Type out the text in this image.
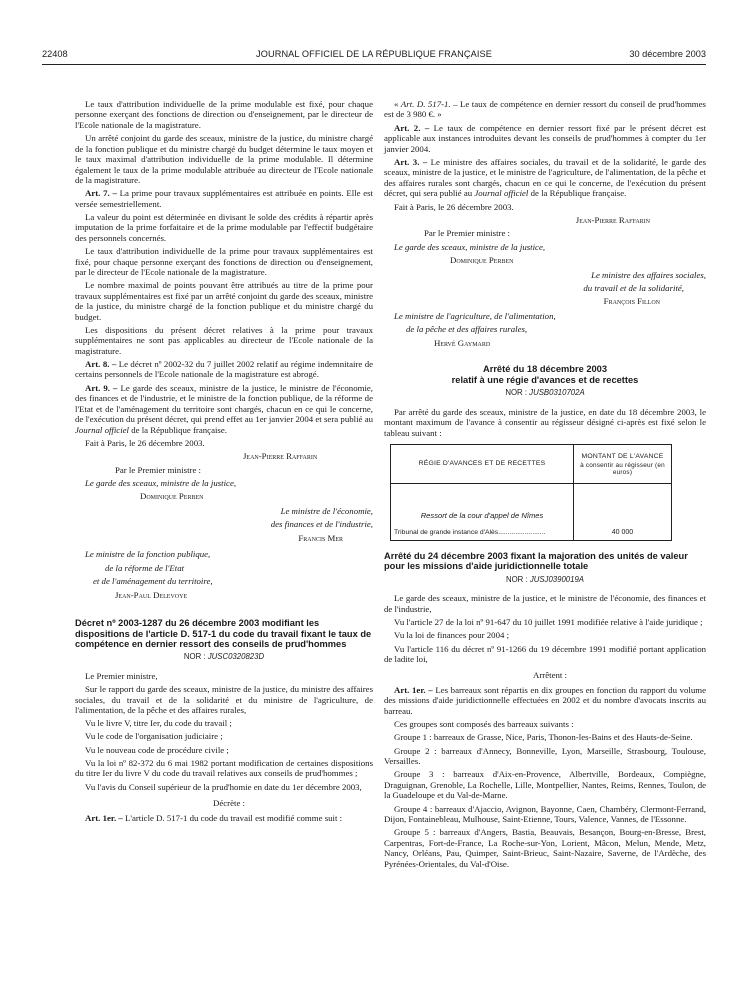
22408	JOURNAL OFFICIEL DE LA RÉPUBLIQUE FRANÇAISE	30 décembre 2003

Le taux d'attribution individuelle de la prime modulable est fixé, pour chaque personne exerçant des fonctions de direction ou d'enseignement, par le directeur de l'Ecole nationale de la magistrature.

Un arrêté conjoint du garde des sceaux, ministre de la justice, du ministre chargé de la fonction publique et du ministre chargé du budget détermine le taux moyen et le taux maximal d'attribution individuelle de la prime modulable. Il détermine également le taux de la prime modulable attribuée au directeur de l'Ecole nationale de la magistrature.

Art. 7. – La prime pour travaux supplémentaires est attribuée en points. Elle est versée semestriellement.

La valeur du point est déterminée en divisant le solde des crédits à répartir après imputation de la prime forfaitaire et de la prime modulable par l'effectif budgétaire des personnels concernés.

Le taux d'attribution individuelle de la prime pour travaux supplémentaires est fixé, pour chaque personne exerçant des fonctions de direction ou d'enseignement, par le directeur de l'Ecole nationale de la magistrature.

Le nombre maximal de points pouvant être attribués au titre de la prime pour travaux supplémentaires est fixé par un arrêté conjoint du garde des sceaux, ministre de la justice, du ministre chargé de la fonction publique et du ministre chargé du budget.

Les dispositions du présent décret relatives à la prime pour travaux supplémentaires ne sont pas applicables au directeur de l'Ecole nationale de la magistrature.

Art. 8. – Le décret nº 2002-32 du 7 juillet 2002 relatif au régime indemnitaire de certains personnels de l'Ecole nationale de la magistrature est abrogé.

Art. 9. – Le garde des sceaux, ministre de la justice, le ministre de l'économie, des finances et de l'industrie, et le ministre de la fonction publique, de la réforme de l'Etat et de l'aménagement du territoire sont chargés, chacun en ce qui le concerne, de l'exécution du présent décret, qui prend effet au 1er janvier 2004 et sera publié au Journal officiel de la République française.

Fait à Paris, le 26 décembre 2003.

Jean-Pierre Raffarin

Par le Premier ministre :

Le garde des sceaux, ministre de la justice,

Dominique Perben

Le ministre de l'économie,

des finances et de l'industrie,

Francis Mer

Le ministre de la fonction publique,

de la réforme de l'Etat

et de l'aménagement du territoire,

Jean-Paul Delevoye

Décret nº 2003-1287 du 26 décembre 2003 modifiant les dispositions de l'article D. 517-1 du code du travail fixant le taux de compétence en dernier ressort des conseils de prud'hommes
NOR : JUSC0320823D

Le Premier ministre,

Sur le rapport du garde des sceaux, ministre de la justice, du ministre des affaires sociales, du travail et de la solidarité et du ministre de l'agriculture, de l'alimentation, de la pêche et des affaires rurales,

Vu le livre V, titre Ier, du code du travail ;

Vu le code de l'organisation judiciaire ;

Vu le nouveau code de procédure civile ;

Vu la loi nº 82-372 du 6 mai 1982 portant modification de certaines dispositions du titre Ier du livre V du code du travail relatives aux conseils de prud'hommes ;

Vu l'avis du Conseil supérieur de la prud'homie en date du 1er décembre 2003,

Décrète :

Art. 1er. – L'article D. 517-1 du code du travail est modifié comme suit :

« Art. D. 517-1. – Le taux de compétence en dernier ressort du conseil de prud'hommes est de 3 980 €. »

Art. 2. – Le taux de compétence en dernier ressort fixé par le présent décret est applicable aux instances introduites devant les conseils de prud'hommes à compter du 1er janvier 2004.

Art. 3. – Le ministre des affaires sociales, du travail et de la solidarité, le garde des sceaux, ministre de la justice, et le ministre de l'agriculture, de l'alimentation, de la pêche et des affaires rurales sont chargés, chacun en ce qui le concerne, de l'exécution du présent décret, qui sera publié au Journal officiel de la République française.

Fait à Paris, le 26 décembre 2003.

Jean-Pierre Raffarin

Par le Premier ministre :

Le garde des sceaux, ministre de la justice,

Dominique Perben

Le ministre des affaires sociales,

du travail et de la solidarité,

François Fillon

Le ministre de l'agriculture, de l'alimentation,

de la pêche et des affaires rurales,

Hervé Gaymard

Arrêté du 18 décembre 2003
relatif à une régie d'avances et de recettes
NOR : JUSB0310702A

Par arrêté du garde des sceaux, ministre de la justice, en date du 18 décembre 2003, le montant maximum de l'avance à consentir au régisseur désigné ci-après est fixé selon le tableau suivant :

RÉGIE D'AVANCES ET DE RECETTES	MONTANT DE L'AVANCE
à consentir au régisseur (en euros)

Ressort de la cour d'appel de Nîmes
Tribunal de grande instance d'Alès.........................	40 000
Arrêté du 24 décembre 2003 fixant la majoration des unités de valeur pour les missions d'aide juridictionnelle totale
NOR : JUSJ0390019A

Le garde des sceaux, ministre de la justice, et le ministre de l'économie, des finances et de l'industrie,

Vu l'article 27 de la loi nº 91-647 du 10 juillet 1991 modifiée relative à l'aide juridique ;

Vu la loi de finances pour 2004 ;

Vu l'article 116 du décret nº 91-1266 du 19 décembre 1991 modifié portant application de ladite loi,

Arrêtent :

Art. 1er. – Les barreaux sont répartis en dix groupes en fonction du rapport du volume des missions d'aide juridictionnelle effectuées en 2002 et du nombre d'avocats inscrits au barreau.

Ces groupes sont composés des barreaux suivants :

Groupe 1 : barreaux de Grasse, Nice, Paris, Thonon-les-Bains et des Hauts-de-Seine.

Groupe 2 : barreaux d'Annecy, Bonneville, Lyon, Marseille, Strasbourg, Toulouse, Versailles.

Groupe 3 : barreaux d'Aix-en-Provence, Albertville, Bordeaux, Compiègne, Draguignan, Grenoble, La Rochelle, Lille, Montpellier, Nantes, Reims, Rennes, Toulon, de la Guadeloupe et du Val-de-Marne.

Groupe 4 : barreaux d'Ajaccio, Avignon, Bayonne, Caen, Chambéry, Clermont-Ferrand, Dijon, Fontainebleau, Mulhouse, Saint-Etienne, Tours, Valence, Vannes, de l'Essonne.

Groupe 5 : barreaux d'Angers, Bastia, Beauvais, Besançon, Bourg-en-Bresse, Brest, Carpentras, Fort-de-France, La Roche-sur-Yon, Lorient, Mâcon, Melun, Mende, Metz, Nancy, Orléans, Pau, Quimper, Saint-Brieuc, Saint-Nazaire, Saverne, de l'Ardèche, des Pyrénées-Orientales, du Val-d'Oise.
